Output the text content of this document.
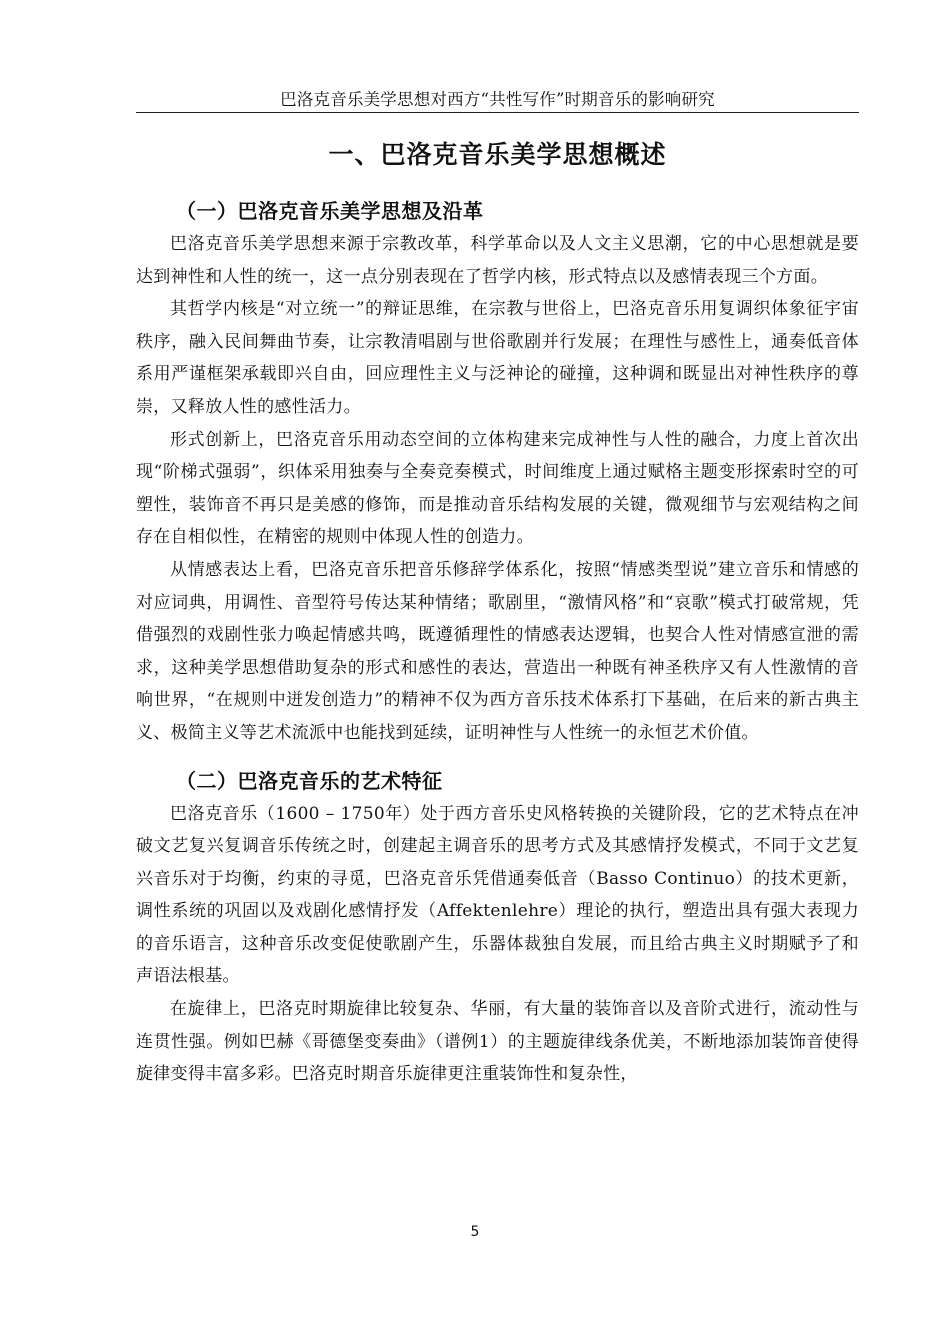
巴洛克音乐美学思想对西方“共性写作”时期音乐的影响研究
一、巴洛克音乐美学思想概述
（一）巴洛克音乐美学思想及沿革

巴洛克音乐美学思想来源于宗教改革，科学革命以及人文主义思潮，它的中心思想就是要达到神性和人性的统一，这一点分别表现在了哲学内核，形式特点以及感情表现三个方面。

其哲学内核是“对立统一”的辩证思维，在宗教与世俗上，巴洛克音乐用复调织体象征宇宙秩序，融入民间舞曲节奏，让宗教清唱剧与世俗歌剧并行发展；在理性与感性上，通奏低音体系用严谨框架承载即兴自由，回应理性主义与泛神论的碰撞，这种调和既显出对神性秩序的尊崇，又释放人性的感性活力。

形式创新上，巴洛克音乐用动态空间的立体构建来完成神性与人性的融合，力度上首次出现“阶梯式强弱”，织体采用独奏与全奏竞奏模式，时间维度上通过赋格主题变形探索时空的可塑性，装饰音不再只是美感的修饰，而是推动音乐结构发展的关键，微观细节与宏观结构之间存在自相似性，在精密的规则中体现人性的创造力。

从情感表达上看，巴洛克音乐把音乐修辞学体系化，按照“情感类型说”建立音乐和情感的对应词典，用调性、音型符号传达某种情绪；歌剧里，“激情风格”和“哀歌”模式打破常规，凭借强烈的戏剧性张力唤起情感共鸣，既遵循理性的情感表达逻辑，也契合人性对情感宣泄的需求，这种美学思想借助复杂的形式和感性的表达，营造出一种既有神圣秩序又有人性激情的音响世界，“在规则中迸发创造力”的精神不仅为西方音乐技术体系打下基础，在后来的新古典主义、极简主义等艺术流派中也能找到延续，证明神性与人性统一的永恒艺术价值。

（二）巴洛克音乐的艺术特征

巴洛克音乐（1600 – 1750年）处于西方音乐史风格转换的关键阶段，它的艺术特点在冲破文艺复兴复调音乐传统之时，创建起主调音乐的思考方式及其感情抒发模式，不同于文艺复兴音乐对于均衡，约束的寻觅，巴洛克音乐凭借通奏低音（Basso Continuo）的技术更新，调性系统的巩固以及戏剧化感情抒发（Affektenlehre）理论的执行，塑造出具有强大表现力的音乐语言，这种音乐改变促使歌剧产生，乐器体裁独自发展，而且给古典主义时期赋予了和声语法根基。

在旋律上，巴洛克时期旋律比较复杂、华丽，有大量的装饰音以及音阶式进行，流动性与连贯性强。例如巴赫《哥德堡变奏曲》（谱例1）的主题旋律线条优美，不断地添加装饰音使得旋律变得丰富多彩。巴洛克时期音乐旋律更注重装饰性和复杂性，

5
